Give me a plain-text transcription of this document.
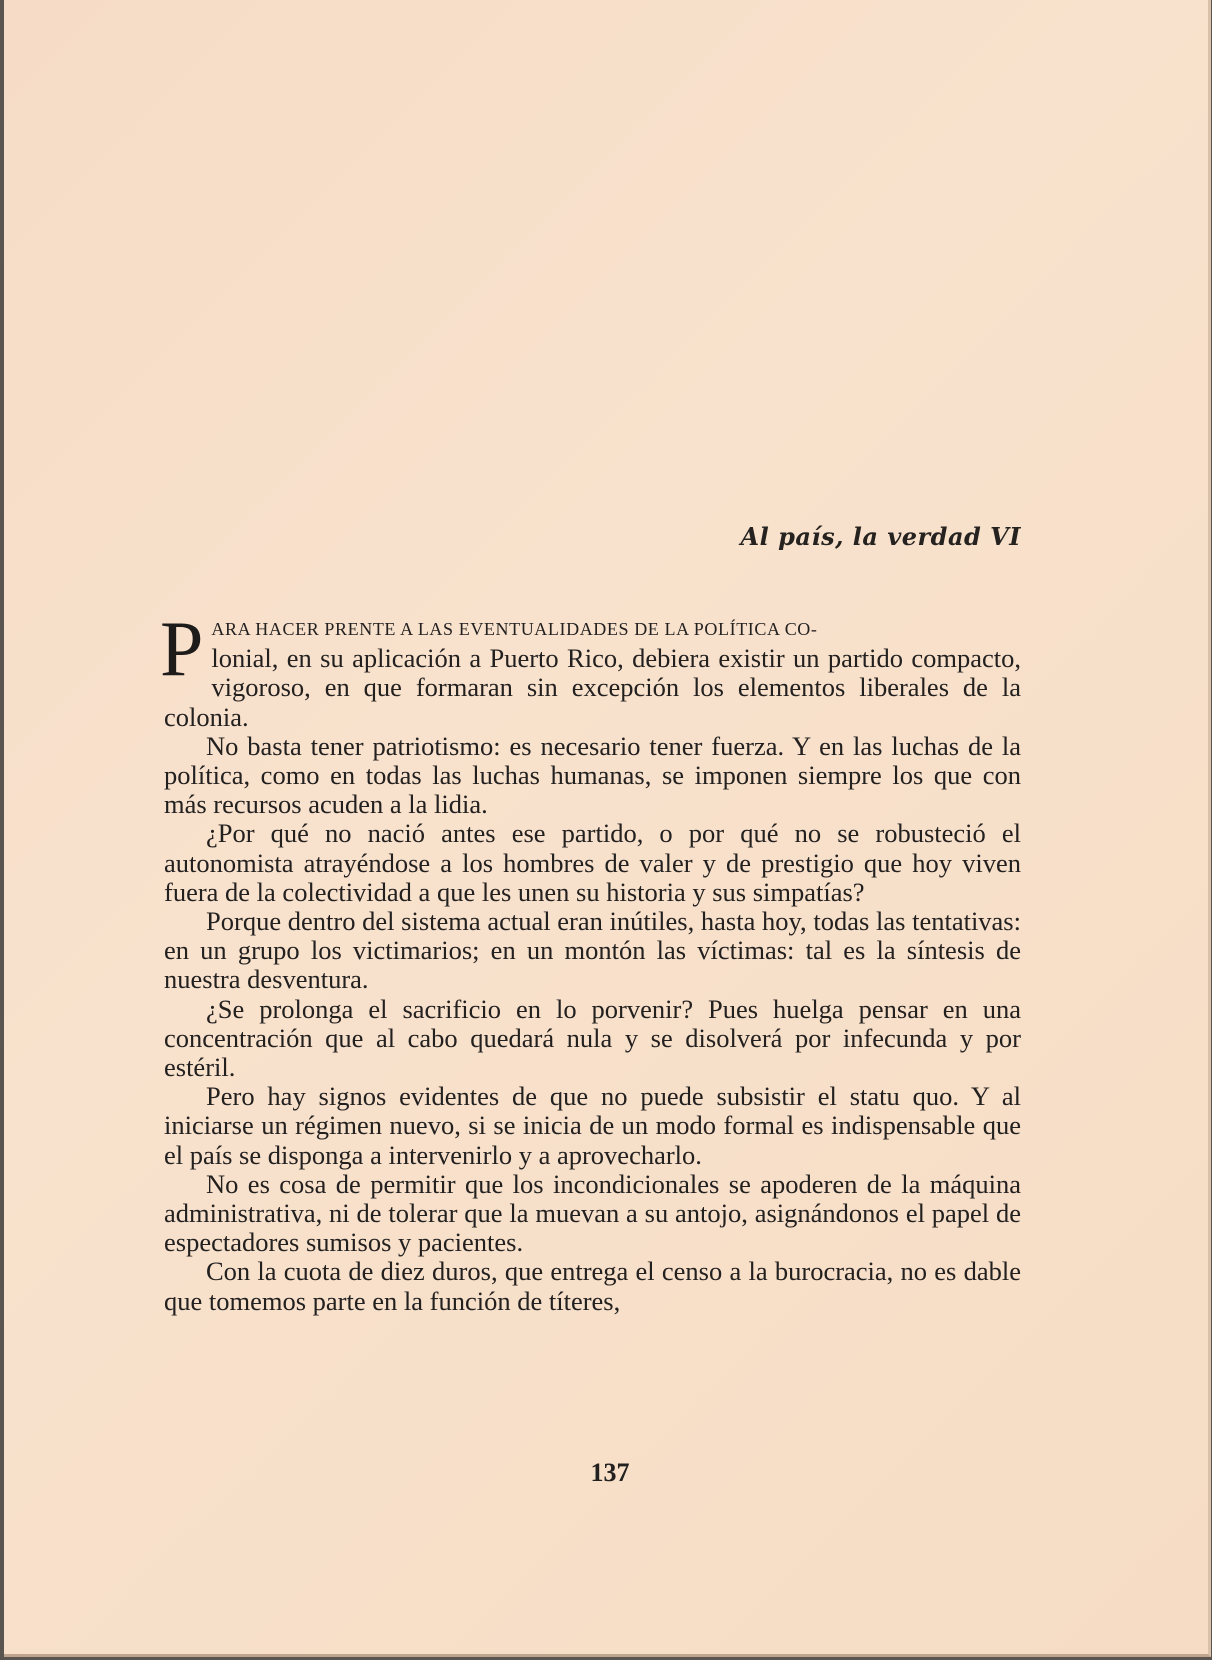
Al país, la verdad VI

PARA HACER PRENTE A LAS EVENTUALIDADES DE LA POLÍTICA CO-
lonial, en su aplicación a Puerto Rico, debiera existir un partido compacto, vigoroso, en que formaran sin excepción los elementos liberales de la colonia.

No basta tener patriotismo: es necesario tener fuerza. Y en las luchas de la política, como en todas las luchas humanas, se imponen siempre los que con más recursos acuden a la lidia.

¿Por qué no nació antes ese partido, o por qué no se robusteció el autonomista atrayéndose a los hombres de valer y de prestigio que hoy viven fuera de la colectividad a que les unen su historia y sus simpatías?

Porque dentro del sistema actual eran inútiles, hasta hoy, todas las tentativas: en un grupo los victimarios; en un montón las víctimas: tal es la síntesis de nuestra desventura.

¿Se prolonga el sacrificio en lo porvenir? Pues huelga pensar en una concentración que al cabo quedará nula y se disolverá por infecunda y por estéril.

Pero hay signos evidentes de que no puede subsistir el statu quo. Y al iniciarse un régimen nuevo, si se inicia de un modo formal es indispensable que el país se disponga a intervenirlo y a aprovecharlo.

No es cosa de permitir que los incondicionales se apoderen de la máquina administrativa, ni de tolerar que la muevan a su antojo, asignándonos el papel de espectadores sumisos y pacientes.

Con la cuota de diez duros, que entrega el censo a la burocracia, no es dable que tomemos parte en la función de títeres,

137
